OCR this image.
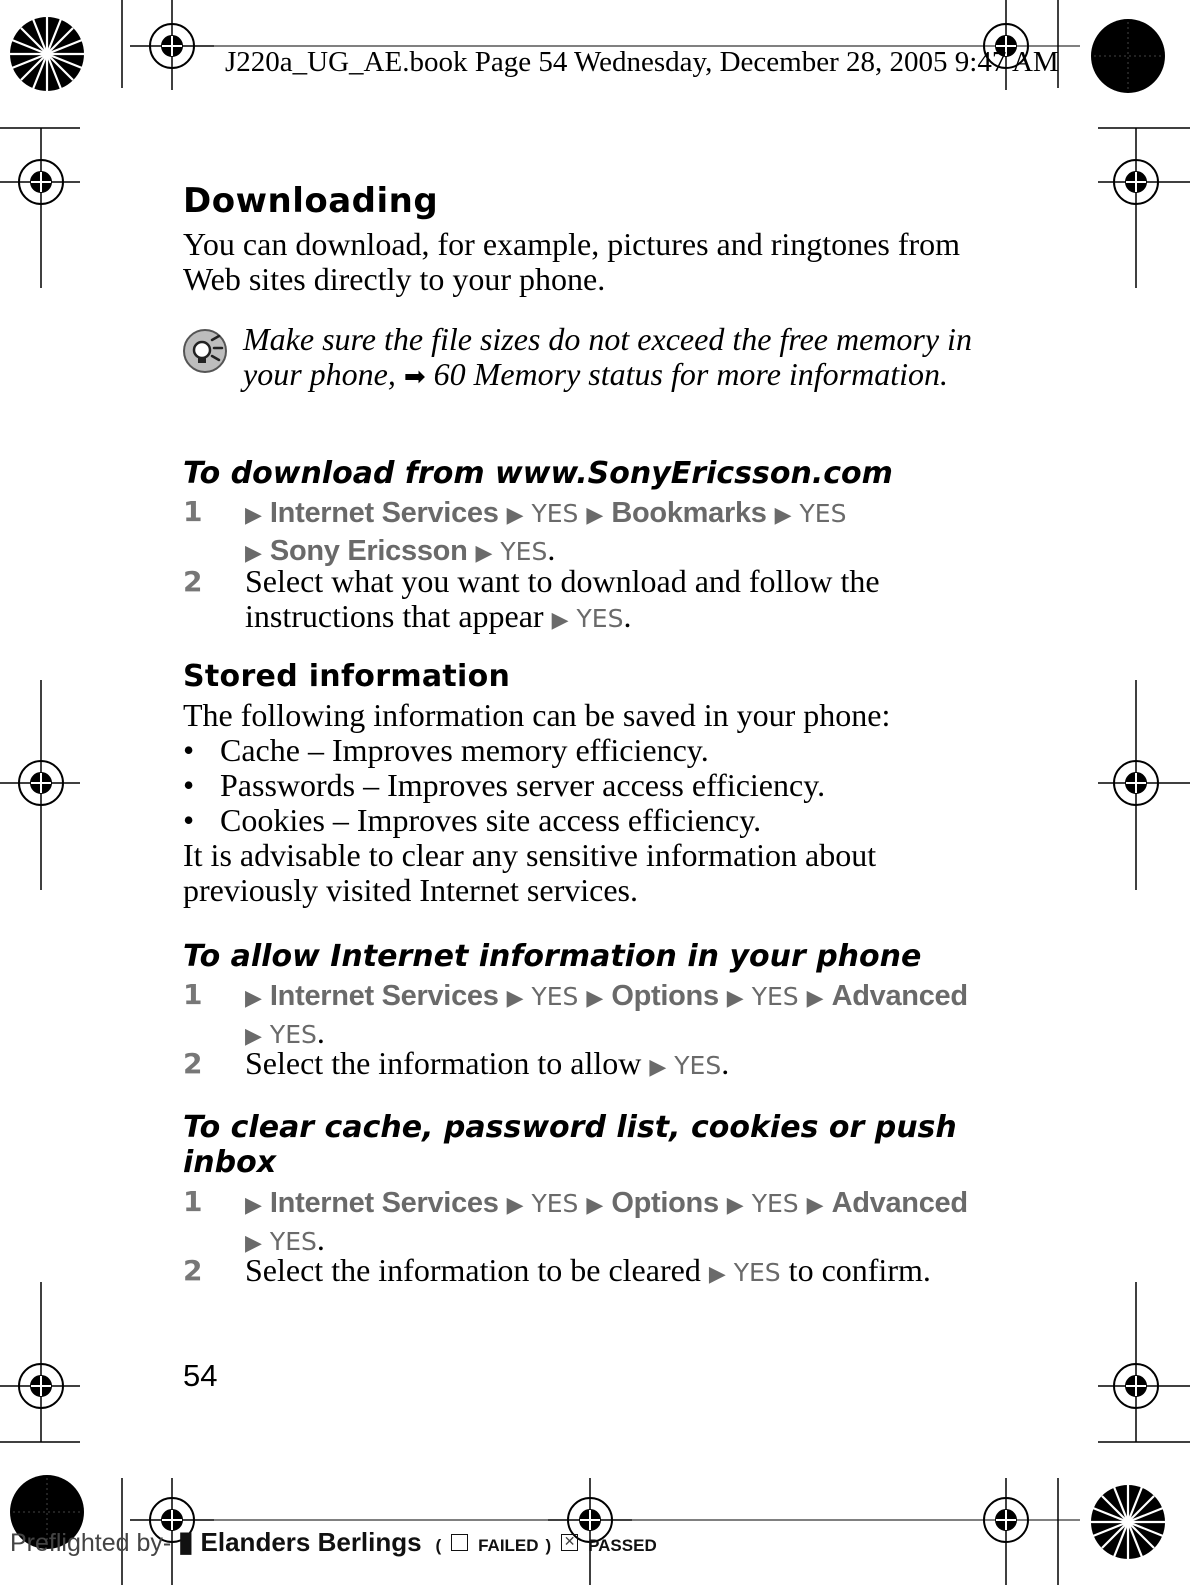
J220a_UG_AE.book Page 54 Wednesday, December 28, 2005 9:47 AM
Downloading
You can download, for example, pictures and ringtones from Web sites directly to your phone.
Make sure the file sizes do not exceed the free memory in your phone, ➡ 60 Memory status for more information.
To download from www.SonyEricsson.com
1	▶ Internet Services ▶ YES ▶ Bookmarks ▶ YES
▶ Sony Ericsson ▶ YES.
2	Select what you want to download and follow the instructions that appear ▶ YES.
Stored information
The following information can be saved in your phone:
• Cache – Improves memory efficiency.
• Passwords – Improves server access efficiency.
• Cookies – Improves site access efficiency.
It is advisable to clear any sensitive information about previously visited Internet services.
To allow Internet information in your phone
1	▶ Internet Services ▶ YES ▶ Options ▶ YES ▶ Advanced
▶ YES.
2	Select the information to allow ▶ YES.
To clear cache, password list, cookies or push inbox
1	▶ Internet Services ▶ YES ▶ Options ▶ YES ▶ Advanced
▶ YES.
2	Select the information to be cleared ▶ YES to confirm.
54
Preflighted by- ▮ Elanders Berlings ( FAILED ) ✕ PASSED
